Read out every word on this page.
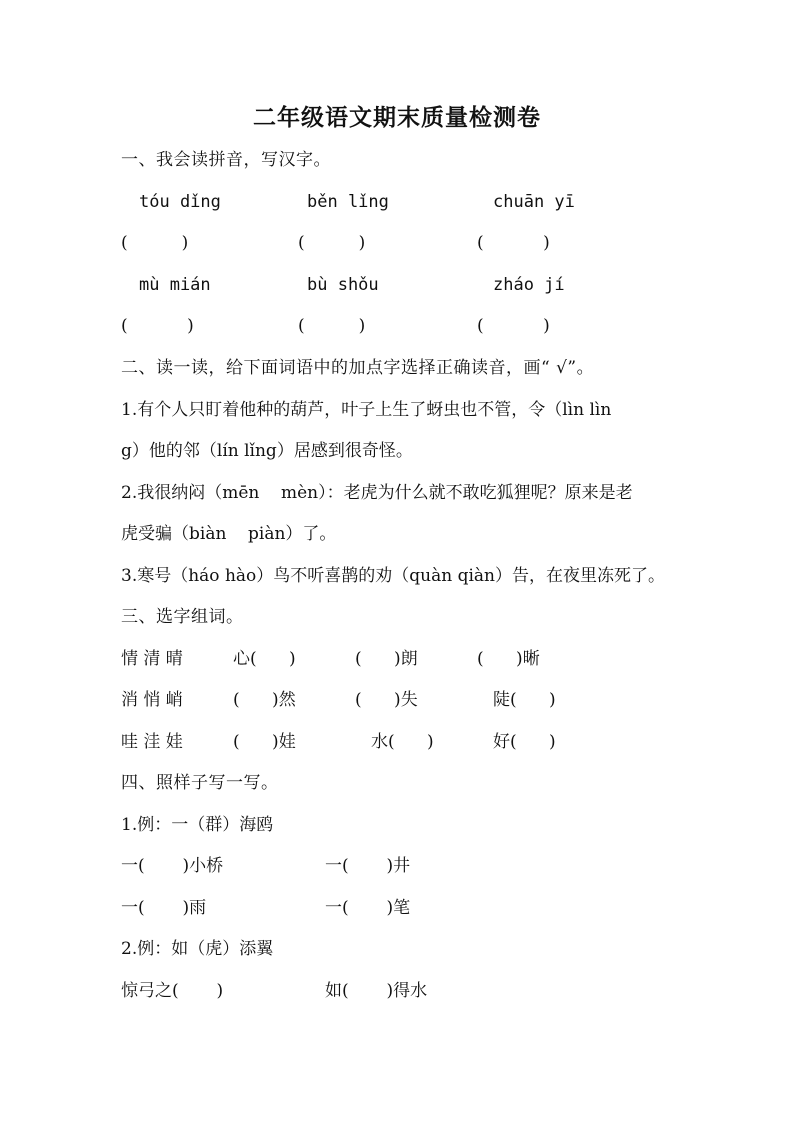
二年级语文期末质量检测卷
一、我会读拼音，写汉字。
tóu dǐng	běn lǐng	chuān yī
(          )	(          )	(           )
mù mián	bù shǒu	zháo jí
(           )	(          )	(           )
二、读一读，给下面词语中的加点字选择正确读音，画“ √”。
1.有个人只盯着他种的葫芦，叶子上生了蚜虫也不管，令（lìn lìn
g）他的邻（lín lǐng）居感到很奇怪。
2.我很纳闷（mēn    mèn）：老虎为什么就不敢吃狐狸呢？原来是老
虎受骗（biàn    piàn）了。
3.寒号（háo hào）鸟不听喜鹊的劝（quàn qiàn）告，在夜里冻死了。
三、选字组词。
情 清 晴	心(      )	(      )朗	(      )晰
消 悄 峭	(      )然	(      )失	陡(      )
哇 洼 娃	(      )娃	水(      )	好(      )
四、照样子写一写。
1.例：一（群）海鸥
一(       )小桥	一(       )井
一(       )雨	一(       )笔
2.例：如（虎）添翼
惊弓之(       )	如(       )得水
